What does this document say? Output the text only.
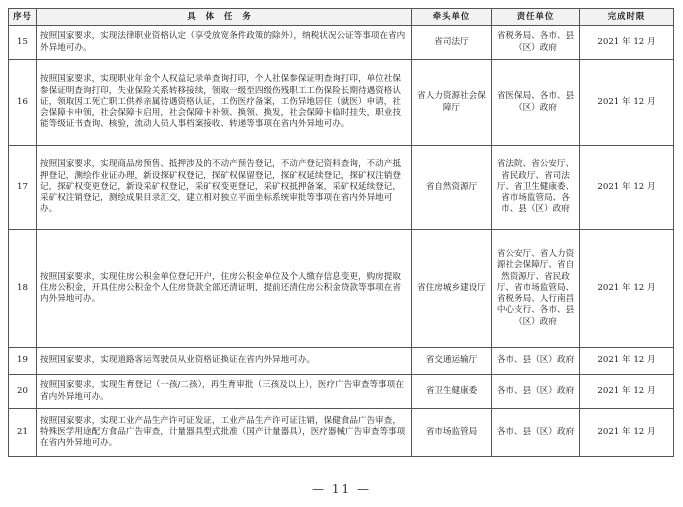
序号	具体任务	牵头单位	责任单位	完成时限
15	按照国家要求，实现法律职业资格认定（享受放宽条件政策的除外），纳税状况公证等事项在省内外异地可办。	省司法厅	省税务局、各市、县（区）政府	2021 年 12 月
16	按照国家要求，实现职业年金个人权益记录单查询打印，个人社保参保证明查询打印，单位社保参保证明查询打印，失业保险关系转移接续，领取一级至四级伤残职工工伤保险长期待遇资格认证，领取因工死亡职工供养亲属待遇资格认证，工伤医疗备案，工伤异地居住（就医）申请，社会保障卡申领，社会保障卡启用，社会保障卡补领、换领、换发，社会保障卡临时挂失，职业技能等级证书查询、核验，流动人员人事档案接收、转递等事项在省内外异地可办。	省人力资源社会保障厅	省医保局、各市、县（区）政府	2021 年 12 月
17	按照国家要求，实现商品房预售、抵押涉及的不动产预告登记，不动产登记资料查询，不动产抵押登记，测绘作业证办理，新设探矿权登记，探矿权保留登记，探矿权延续登记，探矿权注销登记，探矿权变更登记，新设采矿权登记，采矿权变更登记，采矿权抵押备案，采矿权延续登记，采矿权注销登记，测绘成果目录汇交，建立相对独立平面坐标系统审批等事项在省内外异地可办。	省自然资源厅	省法院、省公安厅、省民政厅、省司法厅、省卫生健康委、省市场监管局、各市、县（区）政府	2021 年 12 月
18	按照国家要求，实现住房公积金单位登记开户，住房公积金单位及个人缴存信息变更，购房提取住房公积金，开具住房公积金个人住房贷款全部还清证明，提前还清住房公积金贷款等事项在省内外异地可办。	省住房城乡建设厅	省公安厅、省人力资源社会保障厅、省自然资源厅、省民政厅、省市场监管局、省税务局、人行南昌中心支行、各市、县（区）政府	2021 年 12 月
19	按照国家要求，实现道路客运驾驶员从业资格证换证在省内外异地可办。	省交通运输厅	各市、县（区）政府	2021 年 12 月
20	按照国家要求，实现生育登记（一孩/二孩），再生育审批（三孩及以上），医疗广告审查等事项在省内外异地可办。	省卫生健康委	各市、县（区）政府	2021 年 12 月
21	按照国家要求，实现工业产品生产许可证发证，工业产品生产许可证注销，保健食品广告审查，特殊医学用途配方食品广告审查，计量器具型式批准（国产计量器具），医疗器械广告审查等事项在省内外异地可办。	省市场监管局	各市、县（区）政府	2021 年 12 月
— 11 —
